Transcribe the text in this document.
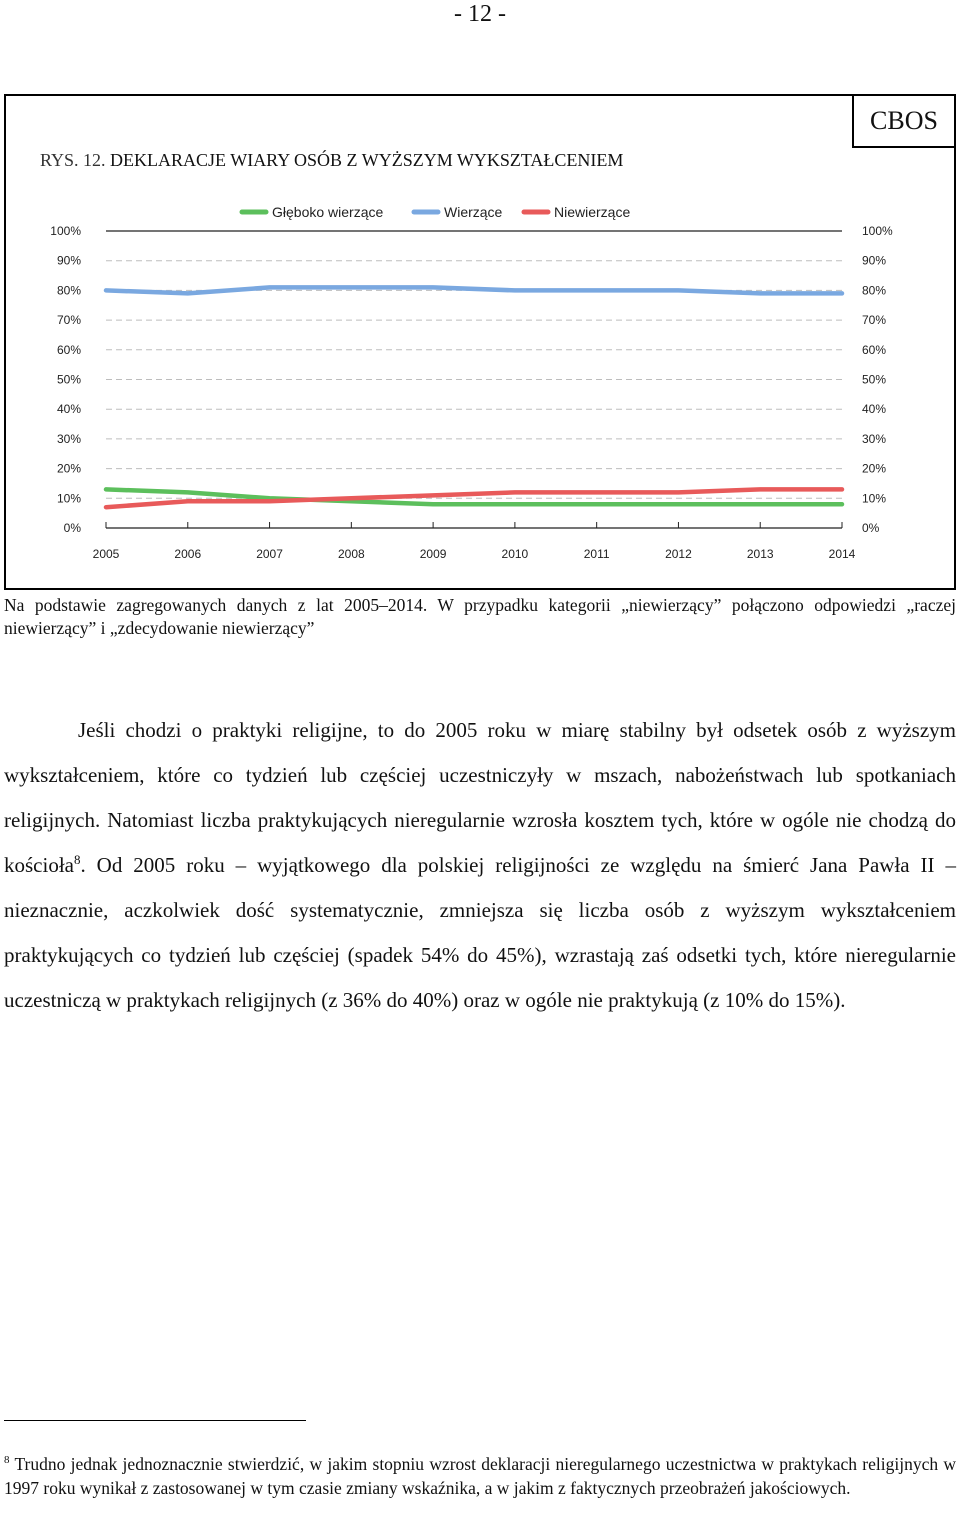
- 12 -
CBOS
RYS. 12. DEKLARACJE WIARY OSÓB Z WYŻSZYM WYKSZTAŁCENIEM
Głęboko wierzące	Wierzące	Niewierzące
0%
10%
20%
30%
40%
50%
60%
70%
80%
90%
100%
0%
10%
20%
30%
40%
50%
60%
70%
80%
90%
100%
2005	2006	2007	2008	2009	2010	2011	2012	2013	2014
Na podstawie zagregowanych danych z lat 2005–2014. W przypadku kategorii „niewierzący” połączono odpowiedzi „raczej niewierzący” i „zdecydowanie niewierzący”

Jeśli chodzi o praktyki religijne, to do 2005 roku w miarę stabilny był odsetek osób z wyższym wykształceniem, które co tydzień lub częściej uczestniczyły w mszach, nabożeństwach lub spotkaniach religijnych. Natomiast liczba praktykujących nieregularnie wzrosła kosztem tych, które w ogóle nie chodzą do kościoła$^8$. Od 2005 roku – wyjątkowego dla polskiej religijności ze względu na śmierć Jana Pawła II – nieznacznie, aczkolwiek dość systematycznie, zmniejsza się liczba osób z wyższym wykształceniem praktykujących co tydzień lub częściej (spadek 54% do 45%), wzrastają zaś odsetki tych, które nieregularnie uczestniczą w praktykach religijnych (z 36% do 40%) oraz w ogóle nie praktykują (z 10% do 15%).

$^8$ Trudno jednak jednoznacznie stwierdzić, w jakim stopniu wzrost deklaracji nieregularnego uczestnictwa w praktykach religijnych w 1997 roku wynikał z zastosowanej w tym czasie zmiany wskaźnika, a w jakim z faktycznych przeobrażeń jakościowych.
